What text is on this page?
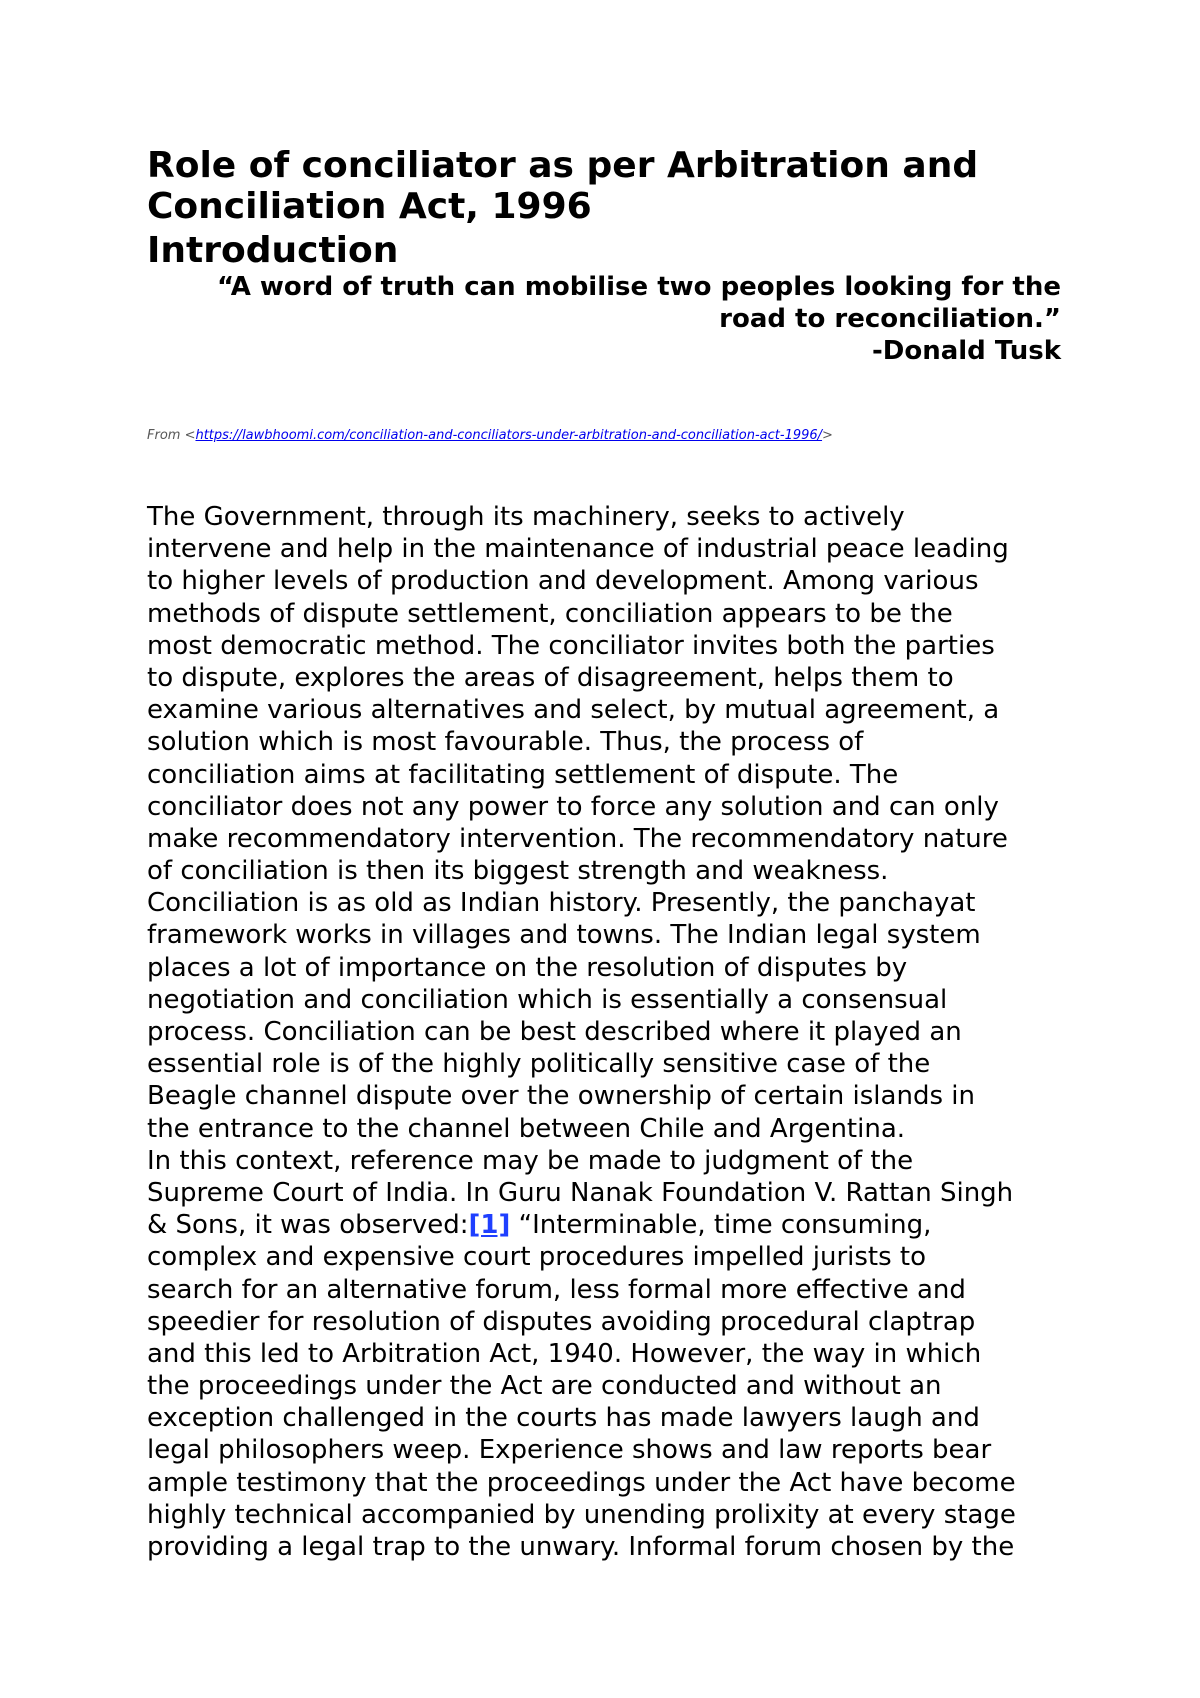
Role of conciliator as per Arbitration and
Conciliation Act, 1996
Introduction
“A word of truth can mobilise two peoples looking for the
road to reconciliation.”
-Donald Tusk
From <https://lawbhoomi.com/conciliation-and-conciliators-under-arbitration-and-conciliation-act-1996/>
The Government, through its machinery, seeks to actively
intervene and help in the maintenance of industrial peace leading
to higher levels of production and development. Among various
methods of dispute settlement, conciliation appears to be the
most democratic method. The conciliator invites both the parties
to dispute, explores the areas of disagreement, helps them to
examine various alternatives and select, by mutual agreement, a
solution which is most favourable. Thus, the process of
conciliation aims at facilitating settlement of dispute. The
conciliator does not any power to force any solution and can only
make recommendatory intervention. The recommendatory nature
of conciliation is then its biggest strength and weakness.
Conciliation is as old as Indian history. Presently, the panchayat
framework works in villages and towns. The Indian legal system
places a lot of importance on the resolution of disputes by
negotiation and conciliation which is essentially a consensual
process. Conciliation can be best described where it played an
essential role is of the highly politically sensitive case of the
Beagle channel dispute over the ownership of certain islands in
the entrance to the channel between Chile and Argentina.
In this context, reference may be made to judgment of the
Supreme Court of India. In Guru Nanak Foundation V. Rattan Singh
& Sons, it was observed:[1] “Interminable, time consuming,
complex and expensive court procedures impelled jurists to
search for an alternative forum, less formal more effective and
speedier for resolution of disputes avoiding procedural claptrap
and this led to Arbitration Act, 1940. However, the way in which
the proceedings under the Act are conducted and without an
exception challenged in the courts has made lawyers laugh and
legal philosophers weep. Experience shows and law reports bear
ample testimony that the proceedings under the Act have become
highly technical accompanied by unending prolixity at every stage
providing a legal trap to the unwary. Informal forum chosen by the
